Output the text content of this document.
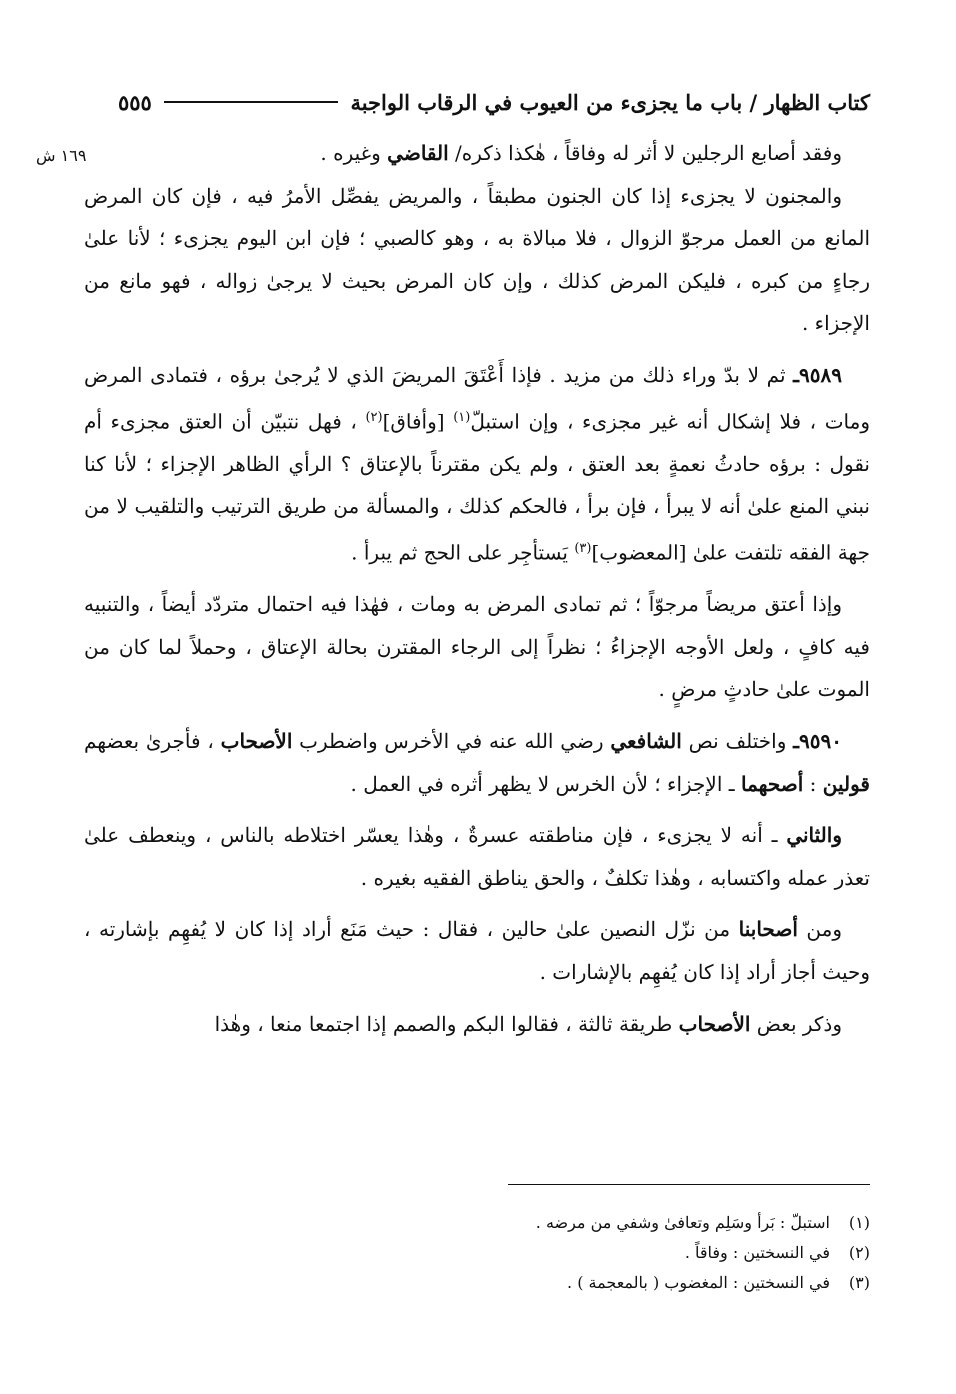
كتاب الظهار / باب ما يجزىء من العيوب في الرقاب الواجبة
٥٥٥
١٦٩ ش	وفقد أصابع الرجلين لا أثر له وفاقاً ، هٰكذا ذكره/ القاضي وغيره .

والمجنون لا يجزىء إذا كان الجنون مطبقاً ، والمريض يفصِّل الأمرُ فيه ، فإن كان المرض المانع من العمل مرجوّ الزوال ، فلا مبالاة به ، وهو كالصبي ؛ فإن ابن اليوم يجزىء ؛ لأنا علىٰ رجاءٍ من كبره ، فليكن المرض كذلك ، وإن كان المرض بحيث لا يرجىٰ زواله ، فهو مانع من الإجزاء .

٩٥٨٩ـ ثم لا بدّ وراء ذلك من مزيد . فإذا أَعْتَقَ المريضَ الذي لا يُرجىٰ برؤه ، فتمادى المرض ومات ، فلا إشكال أنه غير مجزىء ، وإن استبلّ$^{(١)}$ [وأفاق]$^{(٢)}$ ، فهل نتبيّن أن العتق مجزىء أم نقول : برؤه حادثُ نعمةٍ بعد العتق ، ولم يكن مقترناً بالإعتاق ؟ الرأي الظاهر الإجزاء ؛ لأنا كنا نبني المنع علىٰ أنه لا يبرأ ، فإن برأ ، فالحكم كذلك ، والمسألة من طريق الترتيب والتلقيب لا من جهة الفقه تلتفت علىٰ [المعضوب]$^{(٣)}$ يَستأجِر على الحج ثم يبرأ .

وإذا أعتق مريضاً مرجوّاً ؛ ثم تمادى المرض به ومات ، فهٰذا فيه احتمال متردّد أيضاً ، والتنبيه فيه كافٍ ، ولعل الأوجه الإجزاءُ ؛ نظراً إلى الرجاء المقترن بحالة الإعتاق ، وحملاً لما كان من الموت علىٰ حادثٍ مرضٍ .

٩٥٩٠ـ واختلف نص الشافعي رضي الله عنه في الأخرس واضطرب الأصحاب ، فأجرىٰ بعضهم قولين : أصحهما ـ الإجزاء ؛ لأن الخرس لا يظهر أثره في العمل .

والثاني ـ أنه لا يجزىء ، فإن مناطقته عسرةٌ ، وهٰذا يعسّر اختلاطه بالناس ، وينعطف علىٰ تعذر عمله واكتسابه ، وهٰذا تكلفٌ ، والحق يناطق الفقيه بغيره .

ومن أصحابنا من نزّل النصين علىٰ حالين ، فقال : حيث مَنَع أراد إذا كان لا يُفهِم بإشارته ، وحيث أجاز أراد إذا كان يُفهِم بالإشارات .

وذكر بعض الأصحاب طريقة ثالثة ، فقالوا البكم والصمم إذا اجتمعا منعا ، وهٰذا

(١)استبلّ : بَرأ وسَلِم وتعافىٰ وشفي من مرضه .
(٢)في النسختين : وفاقاً .
(٣)في النسختين : المغضوب ( بالمعجمة ) .
